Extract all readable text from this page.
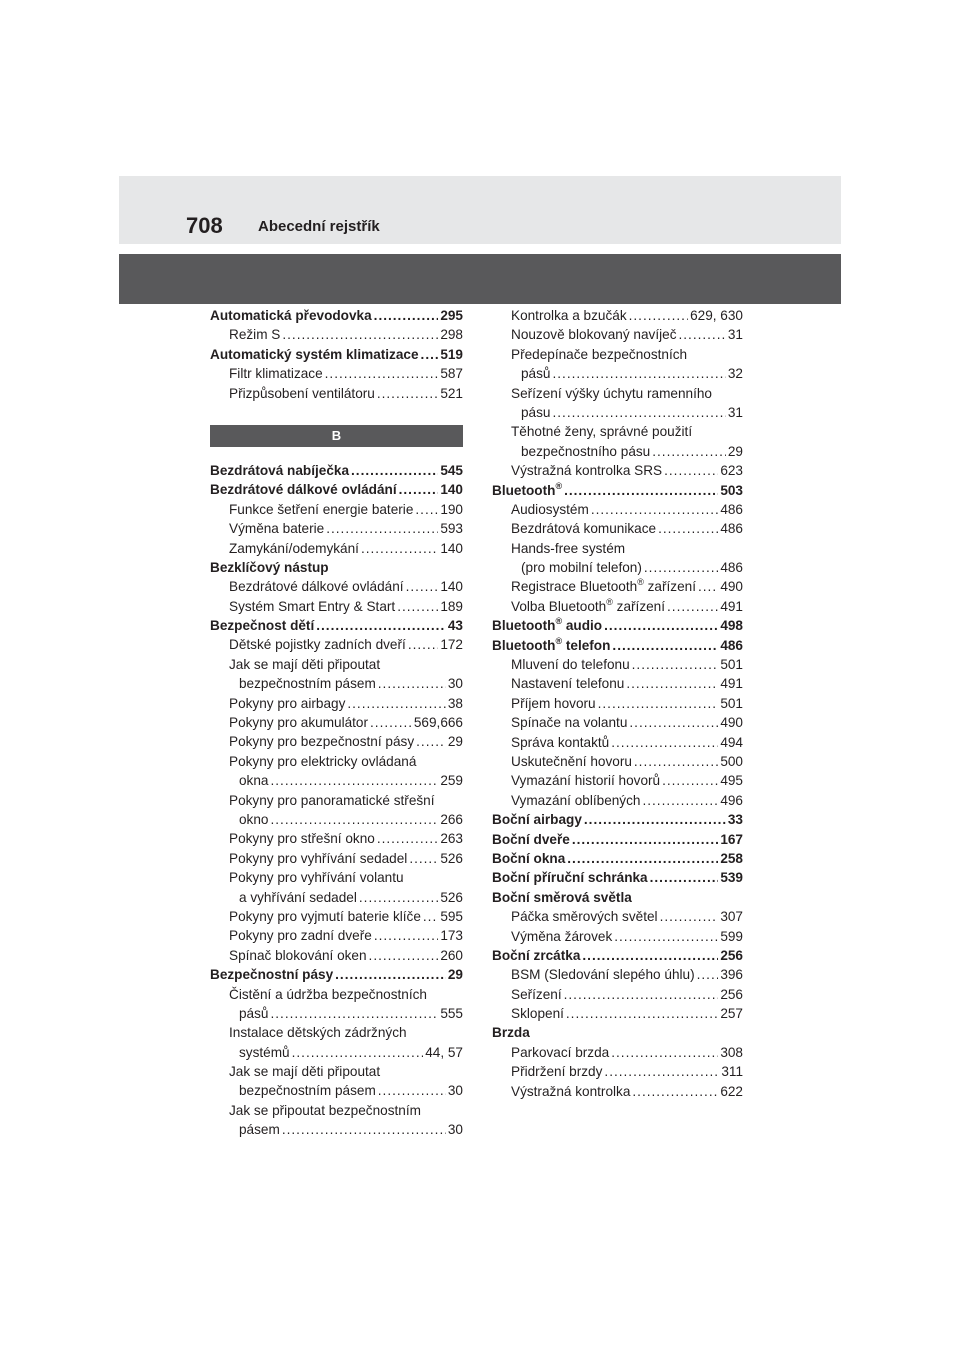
708 Abecední rejstřík
Automatická převodovka .....	295
Režim S .....	298
Automatický systém klimatizace ..... 519
Filtr klimatizace .....	587
Přizpůsobení ventilátoru .....	521
B
Bezdrátová nabíječka .....	545
Bezdrátové dálkové ovládání .....	140
Funkce šetření energie baterie ..... 190
Výměna baterie .....	593
Zamykání/odemykání .....	140
Bezklíčový nástup
Bezdrátové dálkové ovládání .....	140
Systém Smart Entry & Start .....	189
Bezpečnost dětí .....	43
Dětské pojistky zadních dveří .....	172
Jak se mají děti připoutat
bezpečnostním pásem .....	30
Pokyny pro airbagy .....	38
Pokyny pro akumulátor .....	569,666
Pokyny pro bezpečnostní pásy ..... 29
Pokyny pro elektricky ovládaná
okna .....	259
Pokyny pro panoramatické střešní
okno .....	266
Pokyny pro střešní okno .....	263
Pokyny pro vyhřívání sedadel ..... 526
Pokyny pro vyhřívání volantu
a vyhřívání sedadel .....	526
Pokyny pro vyjmutí baterie klíče ..... 595
Pokyny pro zadní dveře .....	173
Spínač blokování oken .....	260
Bezpečnostní pásy .....	29
Čistění a údržba bezpečnostních
pásů .....	555
Instalace dětských zádržných
systémů .....	44, 57
Jak se mají děti připoutat
bezpečnostním pásem .....	30
Jak se připoutat bezpečnostním
pásem .....	30
Kontrolka a bzučák .....	629, 630
Nouzově blokovaný navíječ .....	31
Předepínače bezpečnostních
pásů .....	32
Seřízení výšky úchytu ramenního
pásu .....	31
Těhotné ženy, správné použití
bezpečnostního pásu .....	29
Výstražná kontrolka SRS .....	623
Bluetooth® .....	503
Audiosystém .....	486
Bezdrátová komunikace .....	486
Hands-free systém
(pro mobilní telefon) .....	486
Registrace Bluetooth® zařízení ..... 490
Volba Bluetooth® zařízení .....	491
Bluetooth® audio .....	498
Bluetooth® telefon .....	486
Mluvení do telefonu .....	501
Nastavení telefonu .....	491
Příjem hovoru .....	501
Spínače na volantu .....	490
Správa kontaktů .....	494
Uskutečnění hovoru .....	500
Vymazání historií hovorů .....	495
Vymazání oblíbených .....	496
Boční airbagy .....	33
Boční dveře .....	167
Boční okna .....	258
Boční příruční schránka .....	539
Boční směrová světla
Páčka směrových světel .....	307
Výměna žárovek .....	599
Boční zrcátka .....	256
BSM (Sledování slepého úhlu) ..... 396
Seřízení .....	256
Sklopení .....	257
Brzda
Parkovací brzda .....	308
Přidržení brzdy .....	311
Výstražná kontrolka .....	622
